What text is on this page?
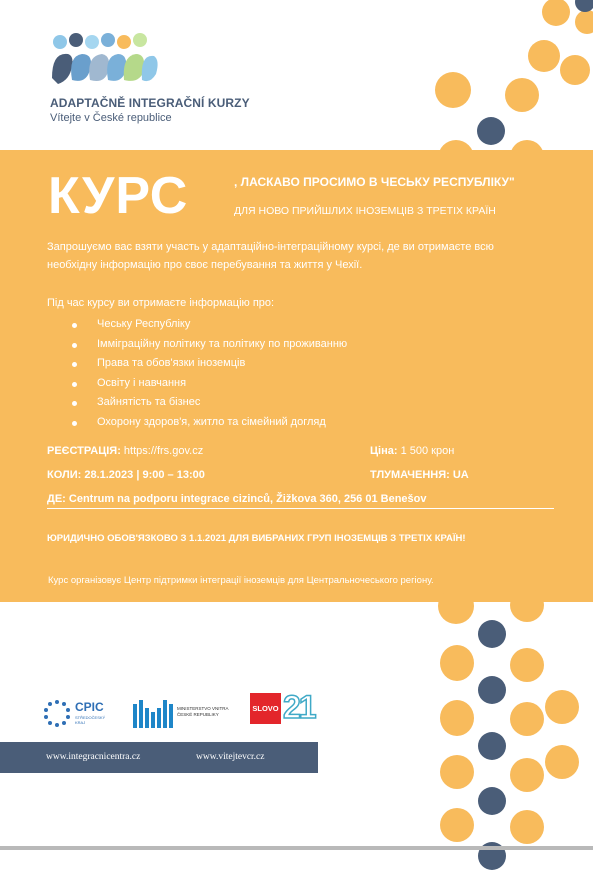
ADAPTAČNĚ INTEGRAČNÍ KURZY
Vítejte v České republice
КУРС	, ЛАСКАВО ПРОСИМО В ЧЕСЬКУ РЕСПУБЛІКУ"
ДЛЯ НОВО ПРИЙШЛИХ ІНОЗЕМЦІВ З ТРЕТІХ КРАЇН
Запрошуємо вас взяти участь у адаптаційно-інтеграційному курсі, де ви отримаєте всю необхідну інформацію про своє перебування та життя у Чехії.
Під час курсу ви отримаєте інформацію про:
Чеську Республіку
Імміграційну політику та політику по проживанню
Права та обов'язки іноземців
Освіту і навчання
Зайнятість та бізнес
Охорону здоров'я, житло та сімейний догляд
РЕЄСТРАЦІЯ: https://frs.gov.cz	Ціна: 1 500 крон
КОЛИ: 28.1.2023 | 9:00 – 13:00	ТЛУМАЧЕННЯ: UA
ДЕ: Centrum na podporu integrace cizinců, Žižkova 360, 256 01 Benešov
ЮРИДИЧНО ОБОВ'ЯЗКОВО З 1.1.2021 ДЛЯ ВИБРАНИХ ГРУП ІНОЗЕМЦІВ З ТРЕТІХ КРАЇН!
Курс організовує Центр підтримки інтеграції іноземців для Центральночеського регіону.
CPIC
STŘEDOČESKÝ KRAJ
MINISTERSTVO VNITRA ČESKÉ REPUBLIKY
SLOVO 21
www.integracnicentra.cz	www.vitejtevcr.cz
